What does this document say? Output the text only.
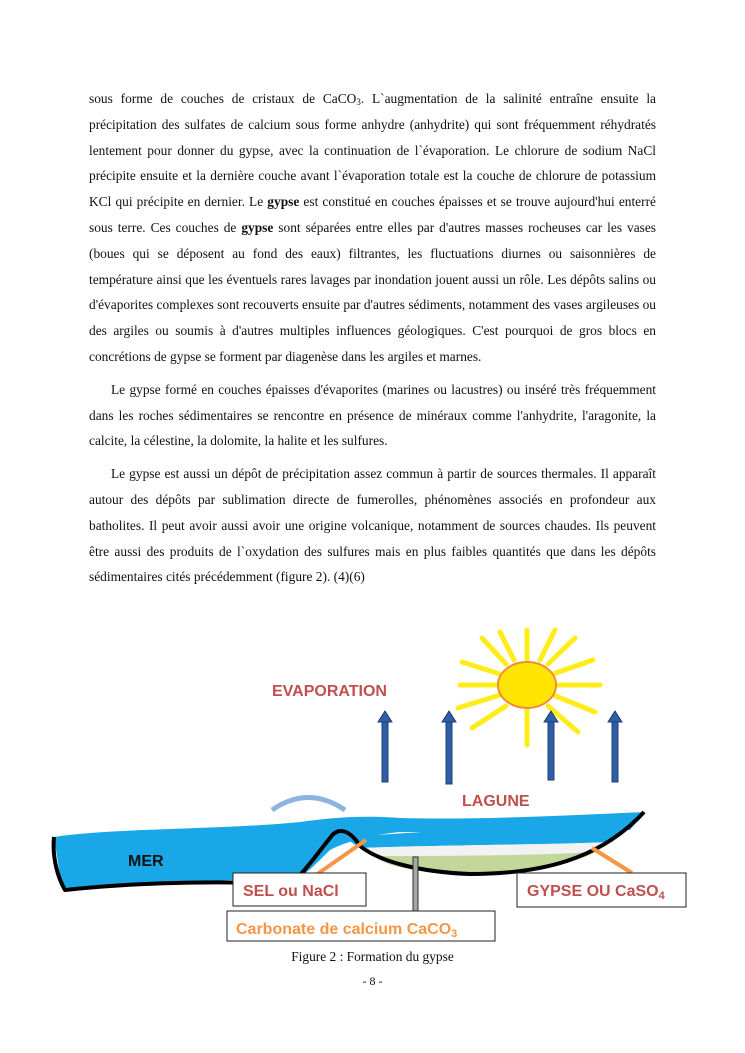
sous forme de couches de cristaux de CaCO$_3$. L`augmentation de la salinité entraîne ensuite la précipitation des sulfates de calcium sous forme anhydre (anhydrite) qui sont fréquemment réhydratés lentement pour donner du gypse, avec la continuation de l`évaporation. Le chlorure de sodium NaCl précipite ensuite et la dernière couche avant l`évaporation totale est la couche de chlorure de potassium KCl qui précipite en dernier. Le gypse est constitué en couches épaisses et se trouve aujourd'hui enterré sous terre. Ces couches de gypse sont séparées entre elles par d'autres masses rocheuses car les vases (boues qui se déposent au fond des eaux) filtrantes, les fluctuations diurnes ou saisonnières de température ainsi que les éventuels rares lavages par inondation jouent aussi un rôle. Les dépôts salins ou d'évaporites complexes sont recouverts ensuite par d'autres sédiments, notamment des vases argileuses ou des argiles ou soumis à d'autres multiples influences géologiques. C'est pourquoi de gros blocs en concrétions de gypse se forment par diagenèse dans les argiles et marnes.

Le gypse formé en couches épaisses d'évaporites (marines ou lacustres) ou inséré très fréquemment dans les roches sédimentaires se rencontre en présence de minéraux comme l'anhydrite, l'aragonite, la calcite, la célestine, la dolomite, la halite et les sulfures.

Le gypse est aussi un dépôt de précipitation assez commun à partir de sources thermales. Il apparaît autour des dépôts par sublimation directe de fumerolles, phénomènes associés en profondeur aux batholites. Il peut avoir aussi avoir une origine volcanique, notamment de sources chaudes. Ils peuvent être aussi des produits de l`oxydation des sulfures mais en plus faibles quantités que dans les dépôts sédimentaires cités précédemment (figure 2). (4)(6)

EVAPORATION
LAGUNE
MER
SEL ou NaCl	GYPSE OU CaSO4
Carbonate de calcium CaCO3
Figure 2 : Formation du gypse
- 8 -
